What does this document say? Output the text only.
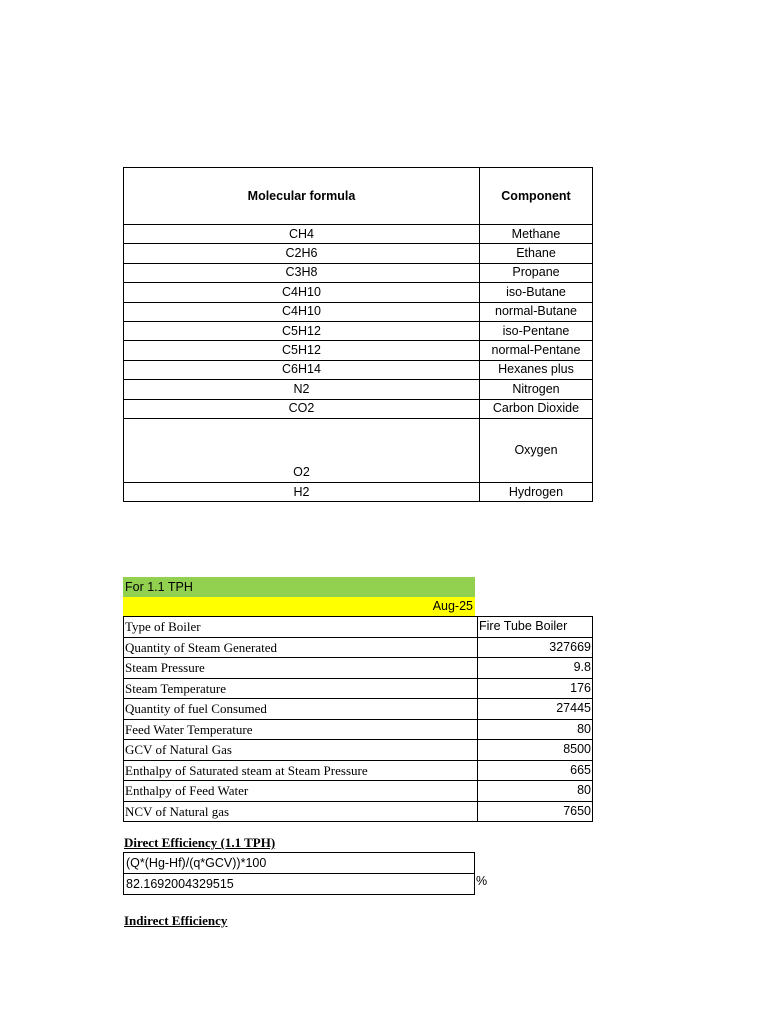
Molecular formula	Component
CH4	Methane
C2H6	Ethane
C3H8	Propane
C4H10	iso-Butane
C4H10	normal-Butane
C5H12	iso-Pentane
C5H12	normal-Pentane
C6H14	Hexanes plus
N2	Nitrogen
CO2	Carbon Dioxide
O2	Oxygen
H2	Hydrogen
For 1.1 TPH
Aug-25
Type of Boiler	Fire Tube Boiler
Quantity of Steam Generated	327669
Steam Pressure	9.8
Steam Temperature	176
Quantity of fuel Consumed	27445
Feed Water Temperature	80
GCV of Natural Gas	8500
Enthalpy of Saturated steam at Steam Pressure	665
Enthalpy of Feed Water	80
NCV of Natural gas	7650
Direct Efficiency (1.1 TPH)
(Q*(Hg-Hf)/(q*GCV))*100
82.1692004329515	%
Indirect Efficiency
